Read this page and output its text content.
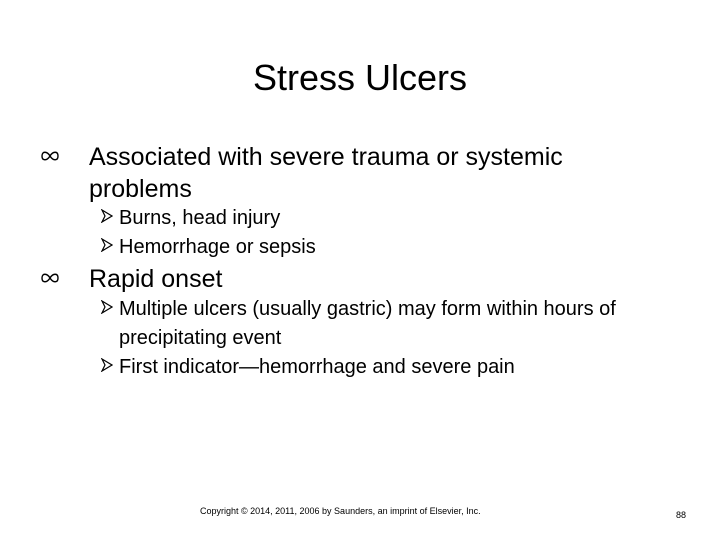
Stress Ulcers
Associated with severe trauma or systemic problems
Burns, head injury
Hemorrhage or sepsis
Rapid onset
Multiple ulcers (usually gastric) may form within hours of precipitating event
First indicator—hemorrhage and severe pain
Copyright © 2014, 2011, 2006 by Saunders, an imprint of Elsevier, Inc.	88
